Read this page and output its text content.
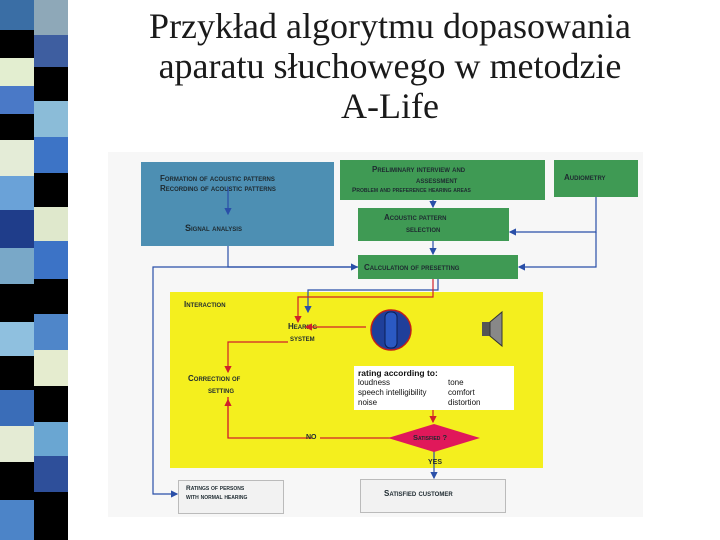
Przykład algorytmu dopasowania
aparatu słuchowego w metodzie
A-Life
Formation of acoustic patterns
Recording of acoustic patterns
Signal analysis
Preliminary interview and
assessment
Problem and preference hearing areas
Audiometry
Acoustic pattern
selection
Calculation of presetting
Interaction
Hearing
system
Correction of
setting
rating according to:
loudness	tone
speech intelligibility	comfort
noise	distortion
Ratings of persons
with normal hearing	Satisfied customer
Satisfied ?
NO
YES
